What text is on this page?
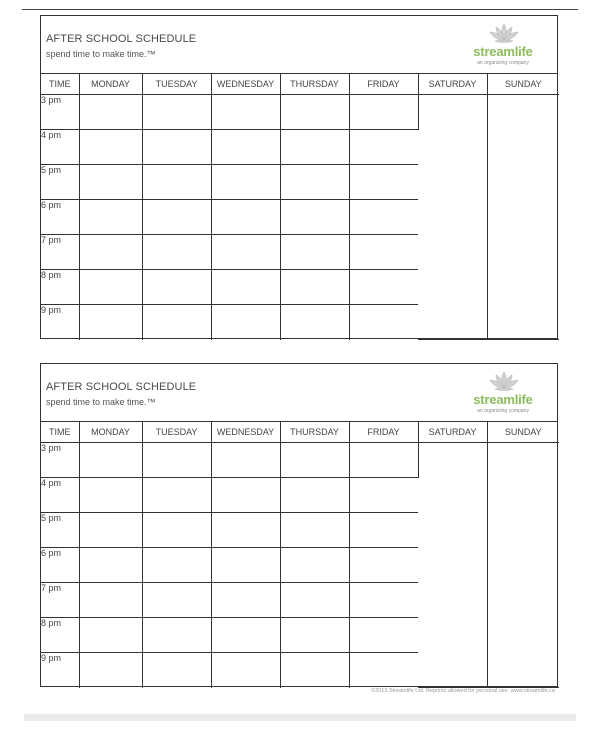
AFTER SCHOOL SCHEDULE
spend time to make time.™	streamlife
an organizing company
TIME	MONDAY	TUESDAY	WEDNESDAY	THURSDAY	FRIDAY	SATURDAY	SUNDAY
3 pm							
4 pm							
5 pm							
6 pm							
7 pm							
8 pm							
9 pm							
AFTER SCHOOL SCHEDULE
spend time to make time.™	streamlife
an organizing company
TIME	MONDAY	TUESDAY	WEDNESDAY	THURSDAY	FRIDAY	SATURDAY	SUNDAY
3 pm							
4 pm							
5 pm							
6 pm							
7 pm							
8 pm							
9 pm							
©2013 Streamlife Ltd. Reprints allowed for personal use. www.streamlife.ca
